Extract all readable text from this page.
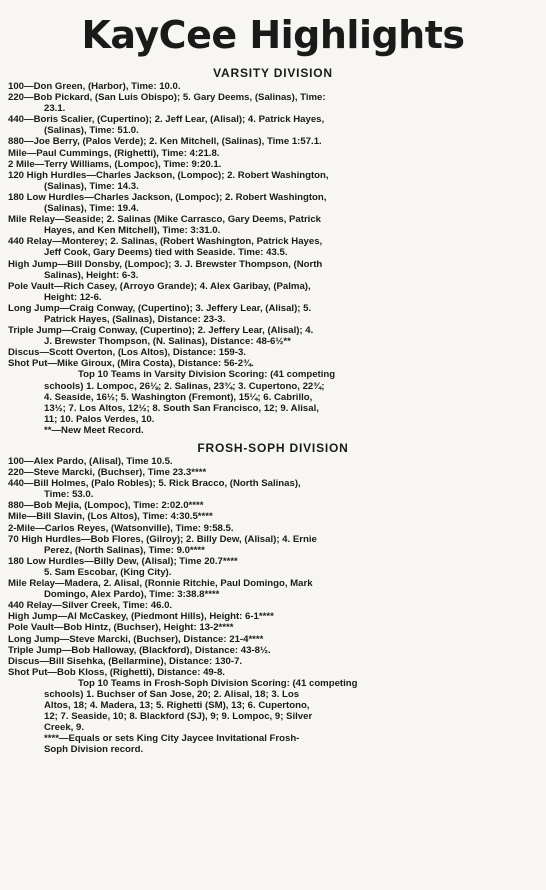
KayCee Highlights
VARSITY DIVISION
100—Don Green, (Harbor), Time: 10.0.
220—Bob Pickard, (San Luis Obispo); 5. Gary Deems, (Salinas), Time:
23.1.
440—Boris Scalier, (Cupertino); 2. Jeff Lear, (Alisal); 4. Patrick Hayes,
(Salinas), Time: 51.0.
880—Joe Berry, (Palos Verde); 2. Ken Mitchell, (Salinas), Time 1:57.1.
Mile—Paul Cummings, (Righetti), Time: 4:21.8.
2 Mile—Terry Williams, (Lompoc), Time: 9:20.1.
120 High Hurdles—Charles Jackson, (Lompoc); 2. Robert Washington,
(Salinas), Time: 14.3.
180 Low Hurdles—Charles Jackson, (Lompoc); 2. Robert Washington,
(Salinas), Time: 19.4.
Mile Relay—Seaside; 2. Salinas (Mike Carrasco, Gary Deems, Patrick
Hayes, and Ken Mitchell), Time: 3:31.0.
440 Relay—Monterey; 2. Salinas, (Robert Washington, Patrick Hayes,
Jeff Cook, Gary Deems) tied with Seaside. Time: 43.5.
High Jump—Bill Donsby, (Lompoc); 3. J. Brewster Thompson, (North
Salinas), Height: 6-3.
Pole Vault—Rich Casey, (Arroyo Grande); 4. Alex Garibay, (Palma),
Height: 12-6.
Long Jump—Craig Conway, (Cupertino); 3. Jeffery Lear, (Alisal); 5.
Patrick Hayes, (Salinas), Distance: 23-3.
Triple Jump—Craig Conway, (Cupertino); 2. Jeffery Lear, (Alisal); 4.
J. Brewster Thompson, (N. Salinas), Distance: 48-6½**
Discus—Scott Overton, (Los Altos), Distance: 159-3.
Shot Put—Mike Giroux, (Mira Costa), Distance: 56-2¾.
Top 10 Teams in Varsity Division Scoring: (41 competing
schools) 1. Lompoc, 26⅛; 2. Salinas, 23¾; 3. Cupertono, 22¾;
4. Seaside, 16½; 5. Washington (Fremont), 15¼; 6. Cabrillo,
13½; 7. Los Altos, 12½; 8. South San Francisco, 12; 9. Alisal,
11; 10. Palos Verdes, 10.
**—New Meet Record.
FROSH-SOPH DIVISION
100—Alex Pardo, (Alisal), Time 10.5.
220—Steve Marcki, (Buchser), Time 23.3****
440—Bill Holmes, (Palo Robles); 5. Rick Bracco, (North Salinas),
Time: 53.0.
880—Bob Mejia, (Lompoc), Time: 2:02.0****
Mile—Bill Slavin, (Los Altos), Time: 4:30.5****
2-Mile—Carlos Reyes, (Watsonville), Time: 9:58.5.
70 High Hurdles—Bob Flores, (Gilroy); 2. Billy Dew, (Alisal); 4. Ernie
Perez, (North Salinas), Time: 9.0****
180 Low Hurdles—Billy Dew, (Alisal); Time 20.7****
5. Sam Escobar, (King City).
Mile Relay—Madera, 2. Alisal, (Ronnie Ritchie, Paul Domingo, Mark
Domingo, Alex Pardo), Time: 3:38.8****
440 Relay—Silver Creek, Time: 46.0.
High Jump—Al McCaskey, (Piedmont Hills), Height: 6-1****
Pole Vault—Bob Hintz, (Buchser), Height: 13-2****
Long Jump—Steve Marcki, (Buchser), Distance: 21-4****
Triple Jump—Bob Halloway, (Blackford), Distance: 43-8½.
Discus—Bill Sisehka, (Bellarmine), Distance: 130-7.
Shot Put—Bob Kloss, (Righetti), Distance: 49-8.
Top 10 Teams in Frosh-Soph Division Scoring: (41 competing
schools) 1. Buchser of San Jose, 20; 2. Alisal, 18; 3. Los
Altos, 18; 4. Madera, 13; 5. Righetti (SM), 13; 6. Cupertono,
12; 7. Seaside, 10; 8. Blackford (SJ), 9; 9. Lompoc, 9; Silver
Creek, 9.
****—Equals or sets King City Jaycee Invitational Frosh-
Soph Division record.
